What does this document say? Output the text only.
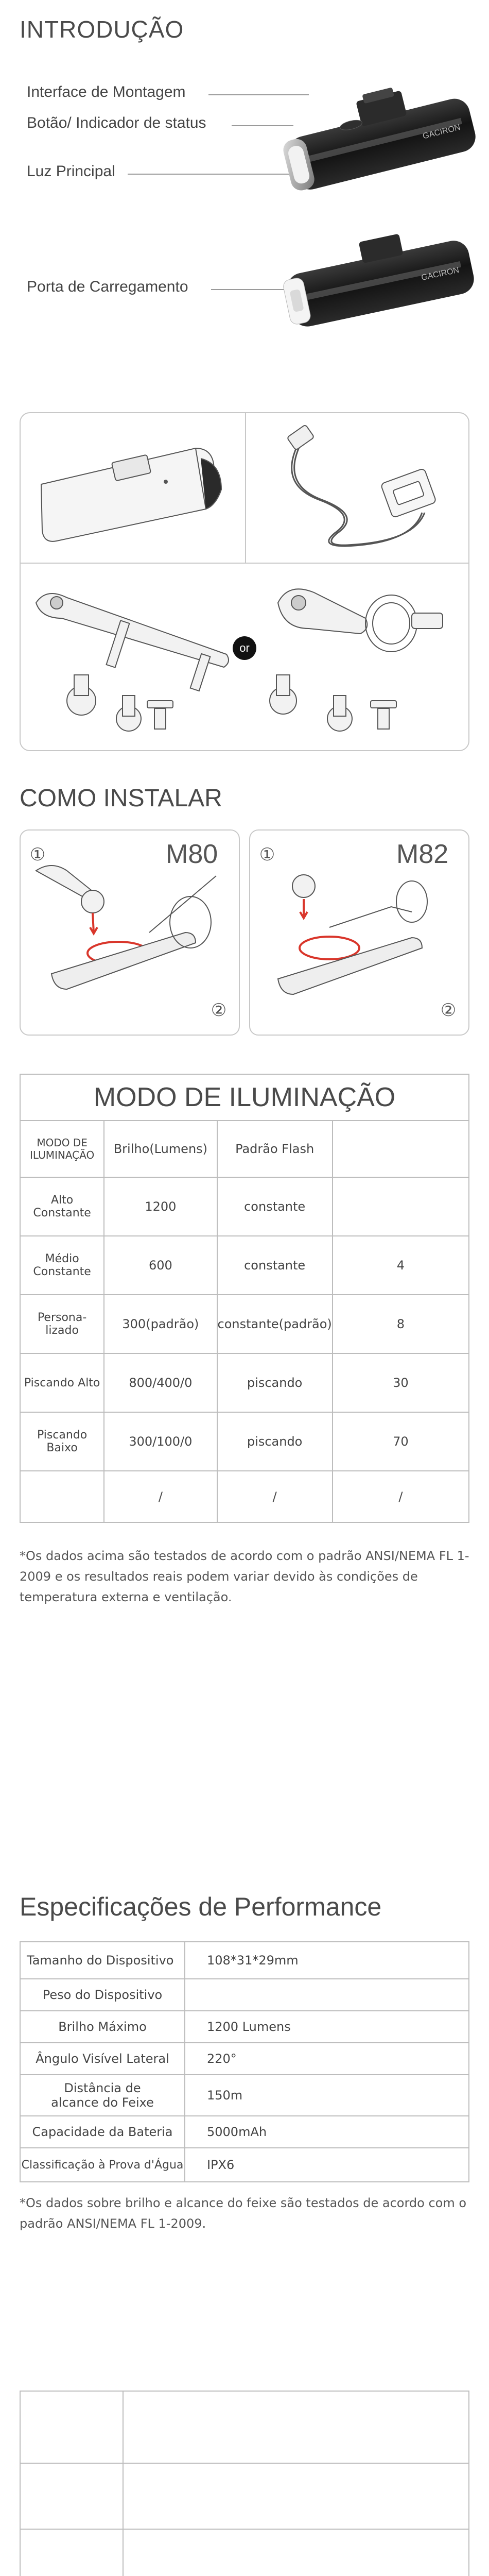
INTRODUÇÃO
Interface de Montagem
Botão/ Indicador de status
Luz Principal
Porta de Carregamento
GACIRON
GACIRON
or
COMO INSTALAR
①	M80
②
①	M82
②
MODO DE ILUMINAÇÃO
MODO DE ILUMINAÇÃO	Brilho(Lumens)	Padrão Flash	
Alto Constante	1200	constante	
Médio Constante	600	constante	4
Persona- lizado	300(padrão)	constante(padrão)	8
Piscando Alto	800/400/0	piscando	30
Piscando Baixo	300/100/0	piscando	70
	/	/	/
*Os dados acima são testados de acordo com o padrão ANSI/NEMA FL 1-2009 e os resultados reais podem variar devido às condições de temperatura externa e ventilação.
Especificações de Performance
Tamanho do Dispositivo	108*31*29mm
Peso do Dispositivo	
Brilho Máximo	1200 Lumens
Ângulo Visível Lateral	220°
Distância de alcance do Feixe	150m
Capacidade da Bateria	5000mAh
Classificação à Prova d'Água	IPX6
*Os dados sobre brilho e alcance do feixe são testados de acordo com o padrão ANSI/NEMA FL 1-2009.
